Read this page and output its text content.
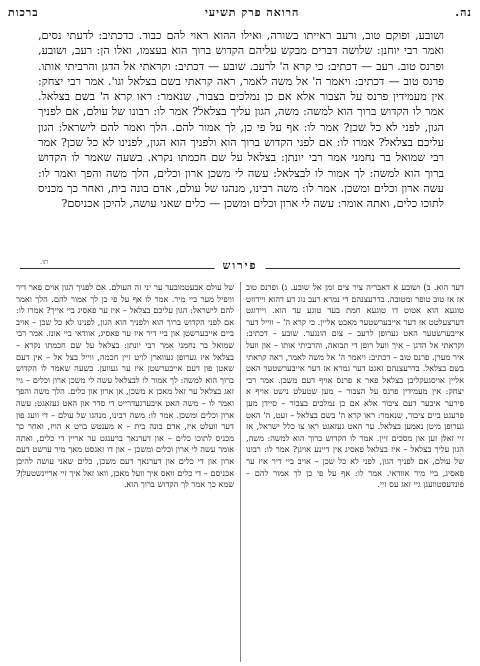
נה.
הרואה פרק תשיעי
ברכות

ושובע, ופוקם טוב, ורעב ראייתו בשורה, ואילו ההוא ראוי להם כבוד. כדכתיב: לדעתי נסים, ואמר רבי יוחנן: שלושה דברים מבקש עליהם הקדוש ברוך הוא בעצמו, ואלו הן: רעב, ושובע, ופרנס טוב. רעב — דכתיב: כי קרא ה' לרעב. שובע — דכתיב: וקראתי אל הדגן והרביתי אותו. פרנס טוב — דכתיב: ויאמר ה' אל משה לאמר, ראה קראתי בשם בצלאל וגו'. אמר רבי יצחק: אין מעמידין פרנס על הצבור אלא אם כן נמלכים בצבור, שנאמר: ראו קרא ה' בשם בצלאל. אמר לו הקדוש ברוך הוא למשה: משה, הגון עליך בצלאל? אמר לו: רבונו של עולם, אם לפניך הגון, לפני לא כל שכן? אמר לו: אף על פי כן, לך אמור להם. הלך ואמר להם לישראל: הגון עליכם בצלאל? אמרו לו: אם לפני הקדוש ברוך הוא ולפניך הוא הגון, לפנינו לא כל שכן? אמר רבי שמואל בר נחמני אמר רבי יונתן: בצלאל על שם חכמתו נקרא. בשעה שאמר לו הקדוש ברוך הוא למשה: לך אמור לו לבצלאל: עשה לי משכן ארון וכלים, הלך משה והפך ואמר לו: עשה ארון וכלים ומשכן. אמר לו: משה רבינו, מנהגו של עולם, אדם בונה בית, ואחר כך מכניס לתוכו כלים, ואתה אומר: עשה לי ארון וכלים ומשכן — כלים שאני עושה, להיכן אכניסם?

תו.	פירוש

דעד הוא. ב) ושובע א דאבריה ציר צים זמן אל שובע. ג) ופרנס טוב אז אז טוב טופר ומטובה. בדרעצנהם די נמרא רעב נוג דע דהוא ויידוזט טוגעא הוא אטוט דו טוגעא חמת בעד טוגע עד הוא. ויידוגט דערצעלטט אז דער אייבערשטער מאכט אליין. כי קרא ה' – ווייל דער אייבערשטער האט גערופן לרעב – צום הונגער. שובע – דכתיב: וקראתי אל הדגן – איך וועל רופן די תבואה, והרביתי אותו – און וועל איר מערן. פרנס טוב – דכתיב: ויאמר ה' אל משה לאמר, ראה קראתי בשם בצלאל. בדרעצנהם זאגט דער גמרא אז דער אייבערשטער האט אליין אויסגעקליבן בצלאל פאר א פרנס אויף דעם משכן. אמר רבי יצחק: אין מעמידין פרנס על הצבור – מען שטעלט נישט אויף א פירער איבער דעם ציבור אלא אם כן נמלכים בצבור – סיידן מען פרעגט ביים ציבור, שנאמר: ראו קרא ה' בשם בצלאל – זעט, ה' האט גערופן מיטן נאמען בצלאל. ער האט געזאגט ראו צו כלל ישראל, אז זיי זאלן זען און מסכים זיין. אמר לו הקדוש ברוך הוא למשה: משה, הגון עליך בצלאל – איז בצלאל פאסיג אין דיינע אויגן? אמר לו: רבונו של עולם, אם לפניך הגון, לפני לא כל שכן – אויב ביי דיר איז ער פאסיג, ביי מיר אוודאי. אמר לו: אף על פי כן לך אמור להם – פונדעסטוועגן גיי זאג עס זיי.

של עולם אבעטמובעד ער יני זה העולם. אם לפניך הגון אוים פאר דיר וויפיל מער ביי מיר. אמר לו אף על פי כן לך אמור להם. הלך ואמר להם לישראל: הגון עליכם בצלאל – איז ער פאסיג ביי אייך? אמרו לו: אם לפני הקדוש ברוך הוא ולפניך הוא הגון, לפנינו לא כל שכן – אויב ביים אייבערשטן און ביי דיר איז ער פאסיג, אוודאי ביי אונז. אמר רבי שמואל בר נחמני אמר רבי יונתן: בצלאל על שם חכמתו נקרא – בצלאל איז גערופן געווארן לויט זיין חכמה, ווייל בצל אל – אין דעם שאטן פון דעם אייבערשטן איז ער געווען. בשעה שאמר לו הקדוש ברוך הוא למשה: לך אמור לו לבצלאל עשה לי משכן ארון וכלים – גיי זאג בצלאל ער זאל מאכן א משכן, אן ארון און כלים. הלך משה והפך ואמר לו – משה האט איבערגעדרייט די סדר און האט געזאגט: עשה ארון וכלים ומשכן. אמר לו: משה רבינו, מנהגו של עולם – די וועג פון דער וועלט איז, אדם בונה בית – א מענטש בויט א הויז, ואחר כך מכניס לתוכו כלים – און דערנאך ברענגט ער אריין די כלים, ואתה אומר עשה לי ארון וכלים ומשכן – און דו זאגסט מאך מיר ערשט דעם ארון און די כלים און דערנאך דעם משכן, כלים שאני עושה להיכן אכניסם – די כלים וואס איך וועל מאכן, וואו זאל איך זיי אריינשטעלן? שמא כך אמר לך הקדוש ברוך הוא.
